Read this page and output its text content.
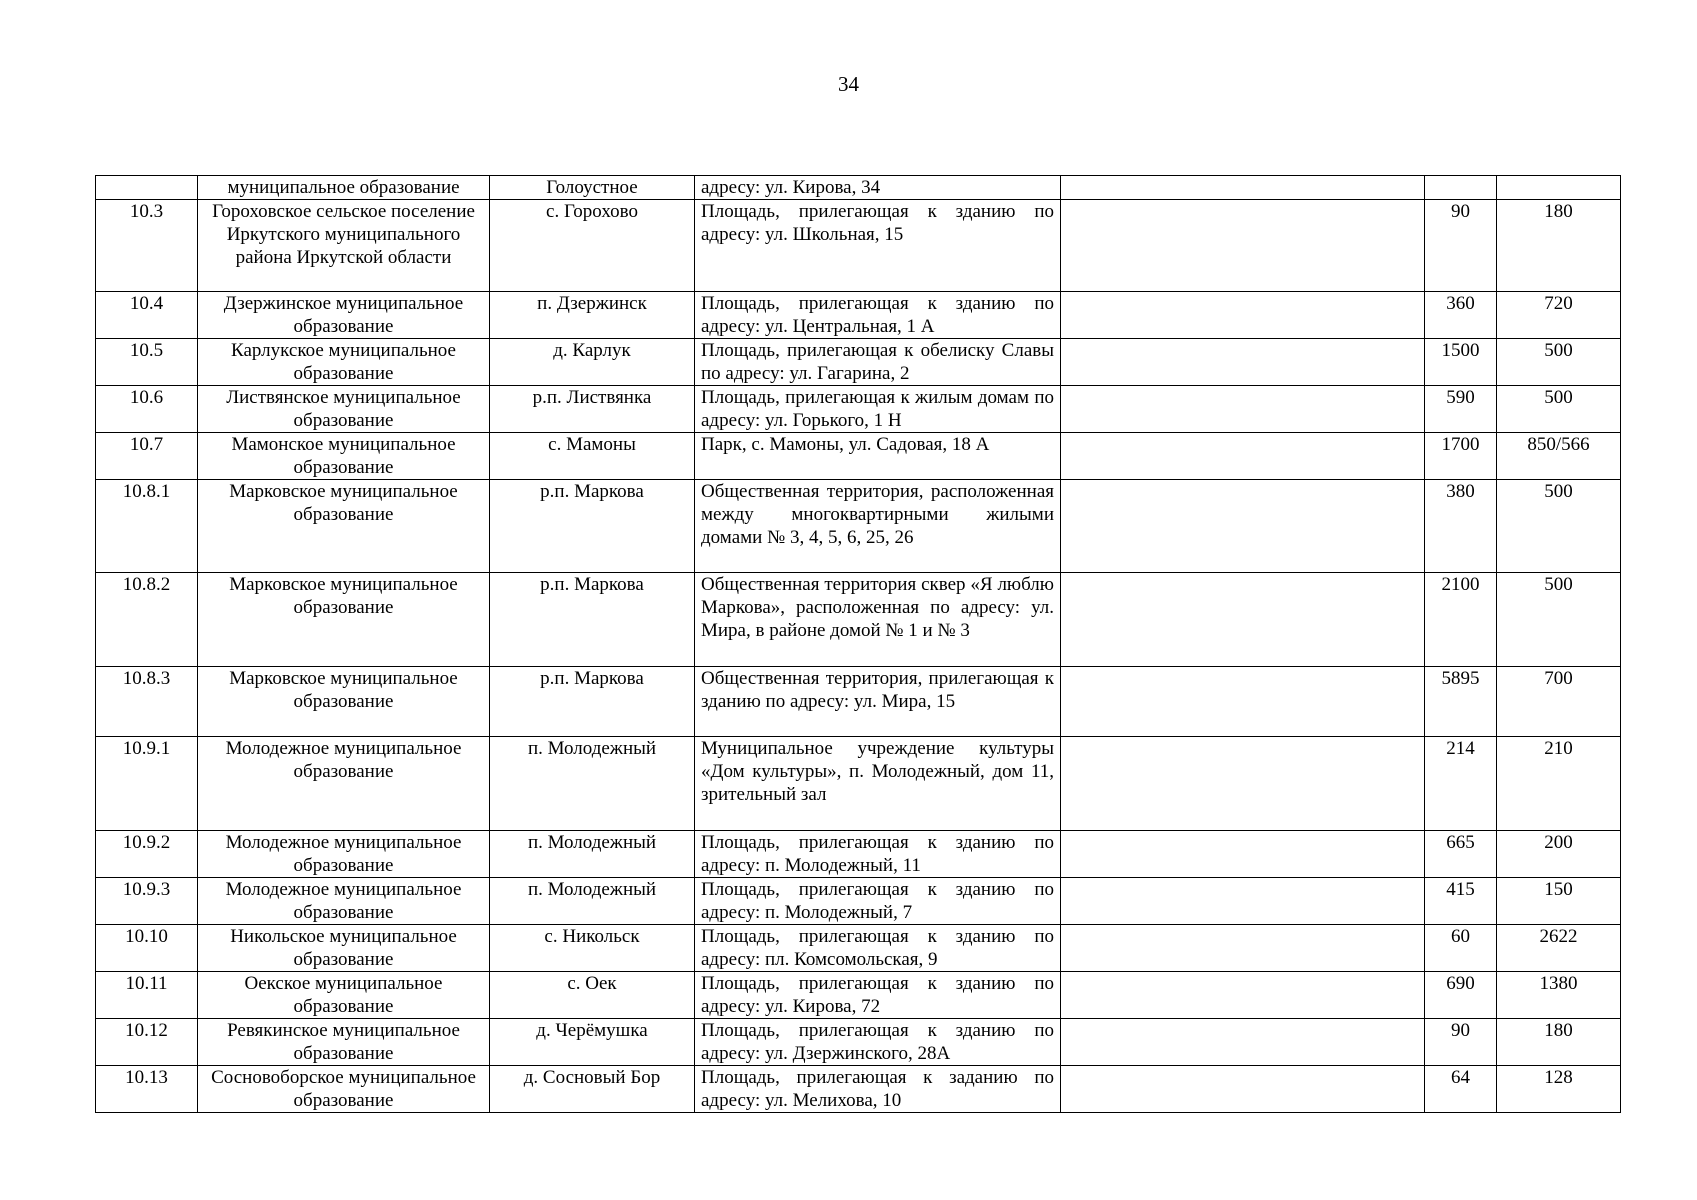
34
	муниципальное образование	Голоустное	адресу: ул. Кирова, 34			
10.3	Гороховское сельское поселение Иркутского муниципального района Иркутской области	с. Горохово	Площадь, прилегающая к зданию по адресу: ул. Школьная, 15		90	180
10.4	Дзержинское муниципальное образование	п. Дзержинск	Площадь, прилегающая к зданию по адресу: ул. Центральная, 1 А		360	720
10.5	Карлукское муниципальное образование	д. Карлук	Площадь, прилегающая к обелиску Славы по адресу: ул. Гагарина, 2		1500	500
10.6	Листвянское муниципальное образование	р.п. Листвянка	Площадь, прилегающая к жилым домам по адресу: ул. Горького, 1 Н		590	500
10.7	Мамонское муниципальное образование	с. Мамоны	Парк, с. Мамоны, ул. Садовая, 18 А		1700	850/566
10.8.1	Марковское муниципальное образование	р.п. Маркова	Общественная территория, расположенная между многоквартирными жилыми домами № 3, 4, 5, 6, 25, 26		380	500
10.8.2	Марковское муниципальное образование	р.п. Маркова	Общественная территория сквер «Я люблю Маркова», расположенная по адресу: ул. Мира, в районе домой № 1 и № 3		2100	500
10.8.3	Марковское муниципальное образование	р.п. Маркова	Общественная территория, прилегающая к зданию по адресу: ул. Мира, 15		5895	700
10.9.1	Молодежное муниципальное образование	п. Молодежный	Муниципальное учреждение культуры «Дом культуры», п. Молодежный, дом 11, зрительный зал		214	210
10.9.2	Молодежное муниципальное образование	п. Молодежный	Площадь, прилегающая к зданию по адресу: п. Молодежный, 11		665	200
10.9.3	Молодежное муниципальное образование	п. Молодежный	Площадь, прилегающая к зданию по адресу: п. Молодежный, 7		415	150
10.10	Никольское муниципальное образование	с. Никольск	Площадь, прилегающая к зданию по адресу: пл. Комсомольская, 9		60	2622
10.11	Оекское муниципальное образование	с. Оек	Площадь, прилегающая к зданию по адресу: ул. Кирова, 72		690	1380
10.12	Ревякинское муниципальное образование	д. Черёмушка	Площадь, прилегающая к зданию по адресу: ул. Дзержинского, 28А		90	180
10.13	Сосновоборское муниципальное образование	д. Сосновый Бор	Площадь, прилегающая к заданию по адресу: ул. Мелихова, 10		64	128
